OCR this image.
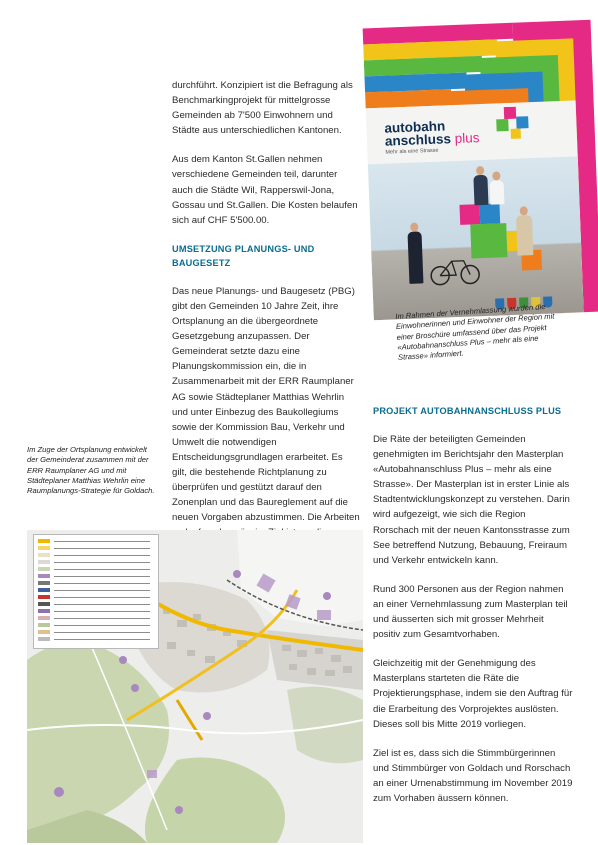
autobahn
anschluss plus
Mehr als eine Strasse

durchführt. Konzipiert ist die Befragung als Benchmarkingprojekt für mittelgrosse Gemeinden ab 7'500 Einwohnern und Städte aus unterschiedlichen Kantonen.

Aus dem Kanton St.Gallen nehmen verschiedene Gemeinden teil, darunter auch die Städte Wil, Rapperswil-Jona, Gossau und St.Gallen. Die Kosten belaufen sich auf CHF 5'500.00.

UMSETZUNG PLANUNGS- UND BAUGESETZ

Das neue Planungs- und Baugesetz (PBG) gibt den Gemeinden 10 Jahre Zeit, ihre Ortsplanung an die übergeordnete Gesetzgebung anzupassen. Der Gemeinderat setzte dazu eine Planungskommission ein, die in Zusammenarbeit mit der ERR Raumplaner AG sowie Städteplaner Matthias Wehrlin und unter Einbezug des Baukollegiums sowie der Kommission Bau, Verkehr und Umwelt die notwendigen Entscheidungsgrundlagen erarbeitet. Es gilt, die bestehende Richtplanung zu überprüfen und gestützt darauf den Zonenplan und das Baureglement auf die neuen Vorgaben abzustimmen. Die Arbeiten

Im Rahmen der Vernehmlassung wurden die Einwohnerinnen und Einwohner der Region mit einer Broschüre umfassend über das Projekt «Autobahnanschluss Plus – mehr als eine Strasse» informiert.
PROJEKT AUTOBAHNANSCHLUSS PLUS

Die Räte der beteiligten Gemeinden genehmigten im Berichtsjahr den Masterplan «Autobahnanschluss Plus – mehr als eine Strasse». Der Masterplan ist in erster Linie als Stadtentwicklungskonzept zu verstehen. Darin wird aufgezeigt, wie sich die Region Rorschach mit der neuen Kantonsstrasse zum See betreffend Nutzung, Bebauung, Freiraum und Verkehr entwickeln kann.

Rund 300 Personen aus der Region nahmen an einer Vernehmlassung zum Masterplan teil und äusserten sich mit grosser Mehrheit positiv zum Gesamtvorhaben.

Gleichzeitig mit der Genehmigung des Masterplans starteten die Räte die Projektierungsphase, indem sie den Auftrag für die Erarbeitung des Vorprojektes auslösten. Dieses soll bis Mitte 2019 vorliegen.

Ziel ist es, dass sich die Stimmbürgerinnen und Stimmbürger von Goldach und Rorschach an einer Urnenabstimmung im November 2019 zum Vorhaben äussern können.

Im Zuge der Ortsplanung entwickelt der Gemeinderat zusammen mit der ERR Raumplaner AG und mit Städteplaner Matthias Wehrlin eine Raumplanungs-Strategie für Goldach.
